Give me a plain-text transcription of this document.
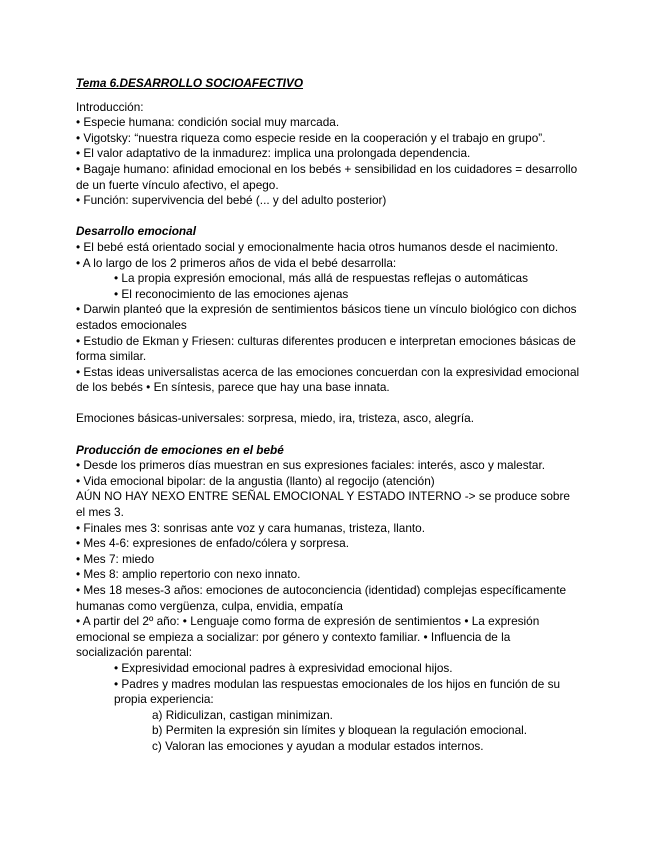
Tema 6.DESARROLLO SOCIOAFECTIVO

Introducción:

• Especie humana: condición social muy marcada.

• Vigotsky: “nuestra riqueza como especie reside en la cooperación y el trabajo en grupo”.

• El valor adaptativo de la inmadurez: implica una prolongada dependencia.

• Bagaje humano: afinidad emocional en los bebés + sensibilidad en los cuidadores = desarrollo de un fuerte vínculo afectivo, el apego.

• Función: supervivencia del bebé (... y del adulto posterior)

Desarrollo emocional

• El bebé está orientado social y emocionalmente hacia otros humanos desde el nacimiento.

• A lo largo de los 2 primeros años de vida el bebé desarrolla:

• La propia expresión emocional, más allá de respuestas reflejas o automáticas

• El reconocimiento de las emociones ajenas

• Darwin planteó que la expresión de sentimientos básicos tiene un vínculo biológico con dichos estados emocionales

• Estudio de Ekman y Friesen: culturas diferentes producen e interpretan emociones básicas de forma similar.

• Estas ideas universalistas acerca de las emociones concuerdan con la expresividad emocional de los bebés • En síntesis, parece que hay una base innata.

Emociones básicas-universales: sorpresa, miedo, ira, tristeza, asco, alegría.

Producción de emociones en el bebé

• Desde los primeros días muestran en sus expresiones faciales: interés, asco y malestar.

• Vida emocional bipolar: de la angustia (llanto) al regocijo (atención)

AÚN NO HAY NEXO ENTRE SEÑAL EMOCIONAL Y ESTADO INTERNO -> se produce sobre el mes 3.

• Finales mes 3: sonrisas ante voz y cara humanas, tristeza, llanto.

• Mes 4-6: expresiones de enfado/cólera y sorpresa.

• Mes 7: miedo

• Mes 8: amplio repertorio con nexo innato.

• Mes 18 meses-3 años: emociones de autoconciencia (identidad) complejas específicamente humanas como vergüenza, culpa, envidia, empatía

• A partir del 2º año: • Lenguaje como forma de expresión de sentimientos • La expresión emocional se empieza a socializar: por género y contexto familiar. • Influencia de la socialización parental:

• Expresividad emocional padres à expresividad emocional hijos.

• Padres y madres modulan las respuestas emocionales de los hijos en función de su propia experiencia:

a) Ridiculizan, castigan minimizan.

b) Permiten la expresión sin límites y bloquean la regulación emocional.

c) Valoran las emociones y ayudan a modular estados internos.
